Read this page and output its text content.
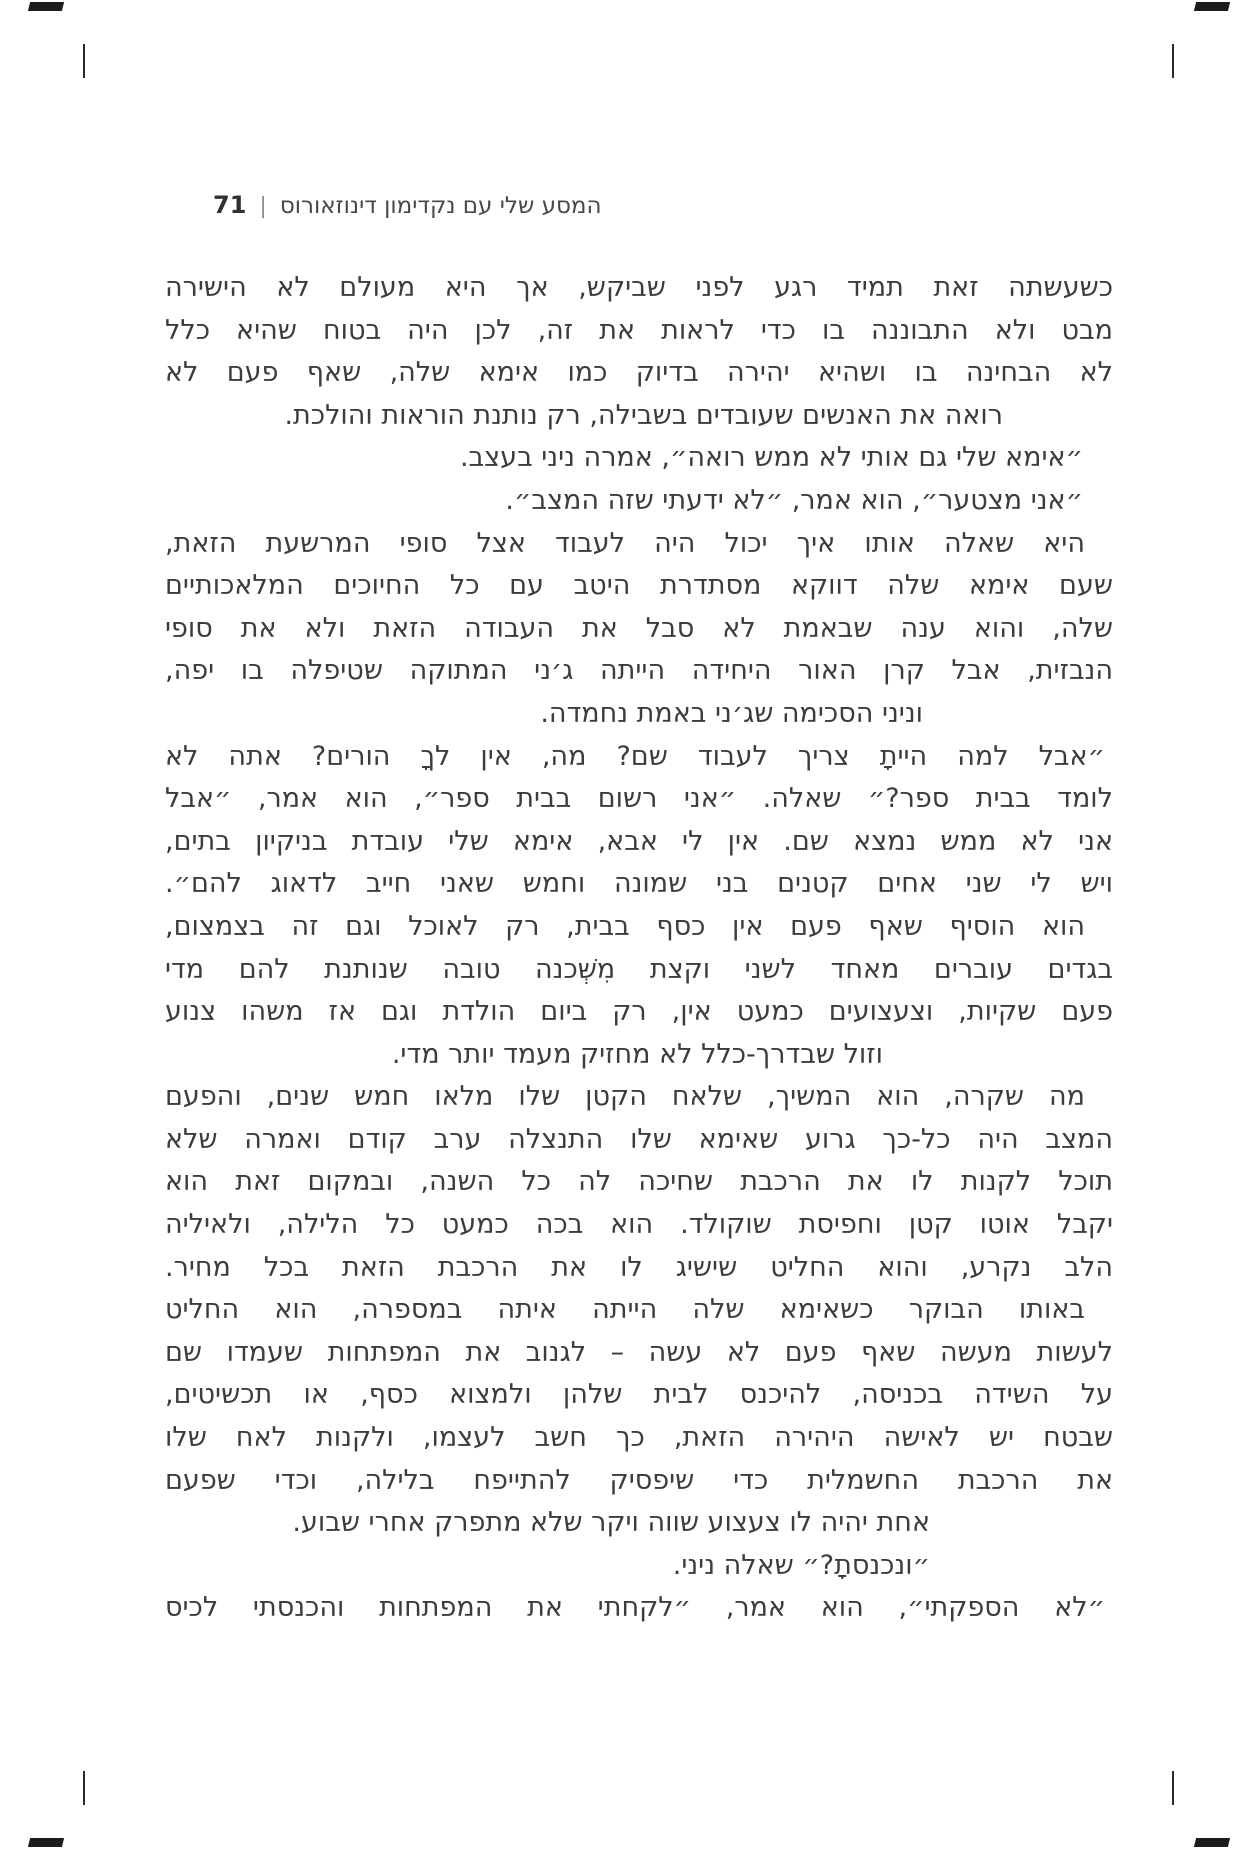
המסע שלי עם נקדימון דינוזאורוס|71
כשעשתה זאת תמיד רגע לפני שביקש, אך היא מעולם לא הישירה
מבט ולא התבוננה בו כדי לראות את זה, לכן היה בטוח שהיא כלל
לא הבחינה בו ושהיא יהירה בדיוק כמו אימא שלה, שאף פעם לא
רואה את האנשים שעובדים בשבילה, רק נותנת הוראות והולכת.
״אימא שלי גם אותי לא ממש רואה״, אמרה ניני בעצב.
״אני מצטער״, הוא אמר, ״לא ידעתי שזה המצב״.
היא שאלה אותו איך יכול היה לעבוד אצל סופי המרשעת הזאת,
שעם אימא שלה דווקא מסתדרת היטב עם כל החיוכים המלאכותיים
שלה, והוא ענה שבאמת לא סבל את העבודה הזאת ולא את סופי
הנבזית, אבל קרן האור היחידה הייתה ג׳ני המתוקה שטיפלה בו יפה,
וניני הסכימה שג׳ני באמת נחמדה.
״אבל למה הייתָ צריך לעבוד שם? מה, אין לךָ הורים? אתה לא
לומד בבית ספר?״ שאלה. ״אני רשום בבית ספר״, הוא אמר, ״אבל
אני לא ממש נמצא שם. אין לי אבא, אימא שלי עובדת בניקיון בתים,
ויש לי שני אחים קטנים בני שמונה וחמש שאני חייב לדאוג להם״.
הוא הוסיף שאף פעם אין כסף בבית, רק לאוכל וגם זה בצמצום,
בגדים עוברים מאחד לשני וקצת מִשְּׁכנה טובה שנותנת להם מדי
פעם שקיות, וצעצועים כמעט אין, רק ביום הולדת וגם אז משהו צנוע
וזול שבדרך-כלל לא מחזיק מעמד יותר מדי.
מה שקרה, הוא המשיך, שלאח הקטן שלו מלאו חמש שנים, והפעם
המצב היה כל-כך גרוע שאימא שלו התנצלה ערב קודם ואמרה שלא
תוכל לקנות לו את הרכבת שחיכה לה כל השנה, ובמקום זאת הוא
יקבל אוטו קטן וחפיסת שוקולד. הוא בכה כמעט כל הלילה, ולאיליה
הלב נקרע, והוא החליט שישיג לו את הרכבת הזאת בכל מחיר.
באותו הבוקר כשאימא שלה הייתה איתה במספרה, הוא החליט
לעשות מעשה שאף פעם לא עשה – לגנוב את המפתחות שעמדו שם
על השידה בכניסה, להיכנס לבית שלהן ולמצוא כסף, או תכשיטים,
שבטח יש לאישה היהירה הזאת, כך חשב לעצמו, ולקנות לאח שלו
את הרכבת החשמלית כדי שיפסיק להתייפח בלילה, וכדי שפעם
אחת יהיה לו צעצוע שווה ויקר שלא מתפרק אחרי שבוע.
״ונכנסתָ?״ שאלה ניני.
״לא הספקתי״, הוא אמר, ״לקחתי את המפתחות והכנסתי לכיס
